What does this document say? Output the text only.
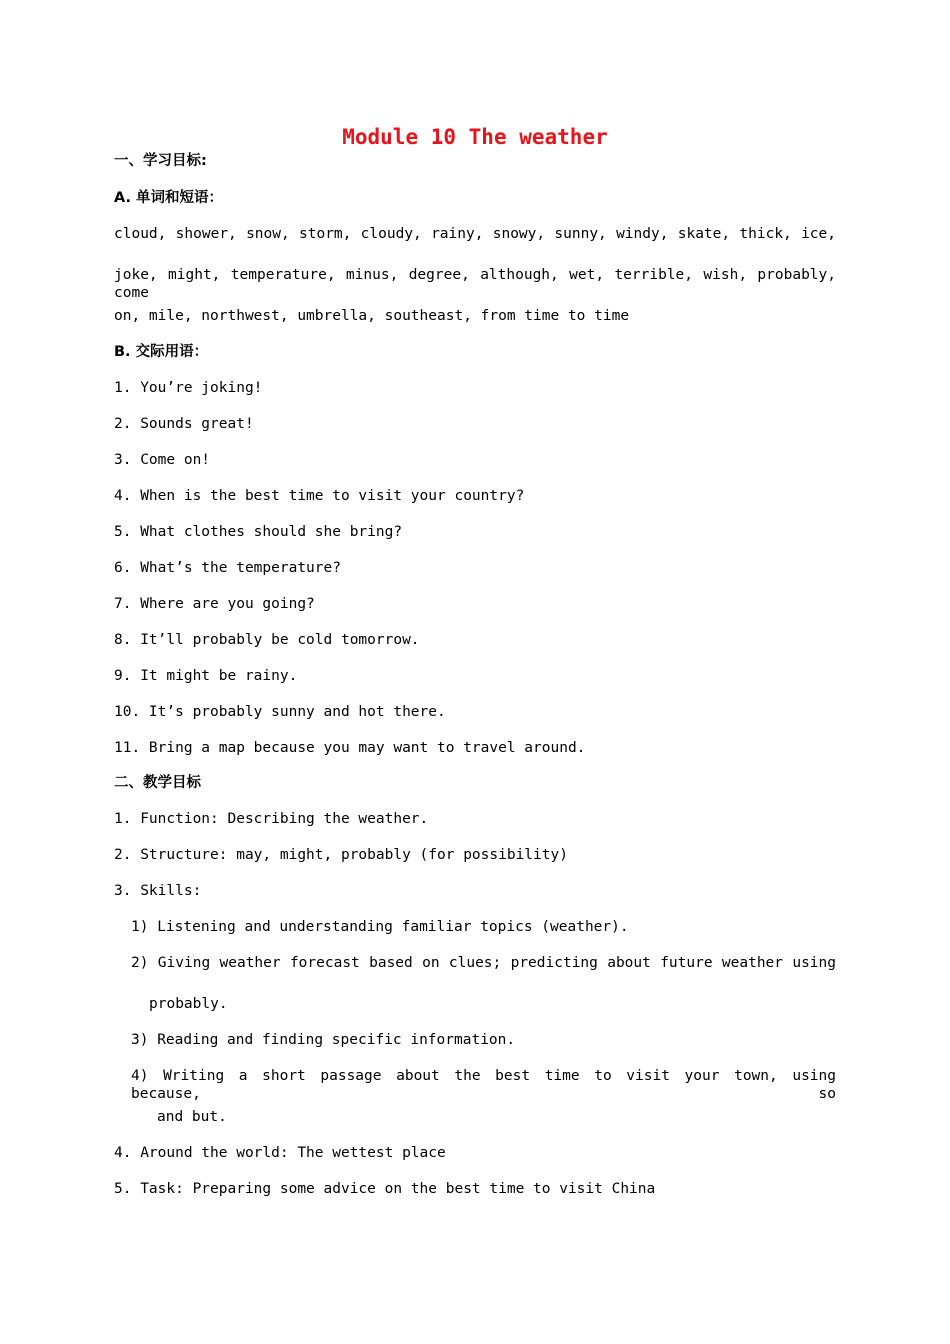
Module 10 The weather
一、学习目标:
A. 单词和短语：
cloud, shower, snow, storm, cloudy, rainy, snowy, sunny, windy, skate, thick, ice,
joke, might, temperature, minus, degree, although, wet, terrible, wish, probably, come
on, mile, northwest, umbrella, southeast, from time to time
B. 交际用语：
1. You’re joking!
2. Sounds great!
3. Come on!
4. When is the best time to visit your country?
5. What clothes should she bring?
6. What’s the temperature?
7. Where are you going?
8. It’ll probably be cold tomorrow.
9. It might be rainy.
10. It’s probably sunny and hot there.
11. Bring a map because you may want to travel around.
二、教学目标
1. Function: Describing the weather.
2. Structure: may, might, probably (for possibility)
3. Skills:
1) Listening and understanding familiar topics (weather).
2) Giving weather forecast based on clues; predicting about future weather using
probably.
3) Reading and finding specific information.
4) Writing a short passage about the best time to visit your town, using because, so
and but.
4. Around the world: The wettest place
5. Task: Preparing some advice on the best time to visit China
